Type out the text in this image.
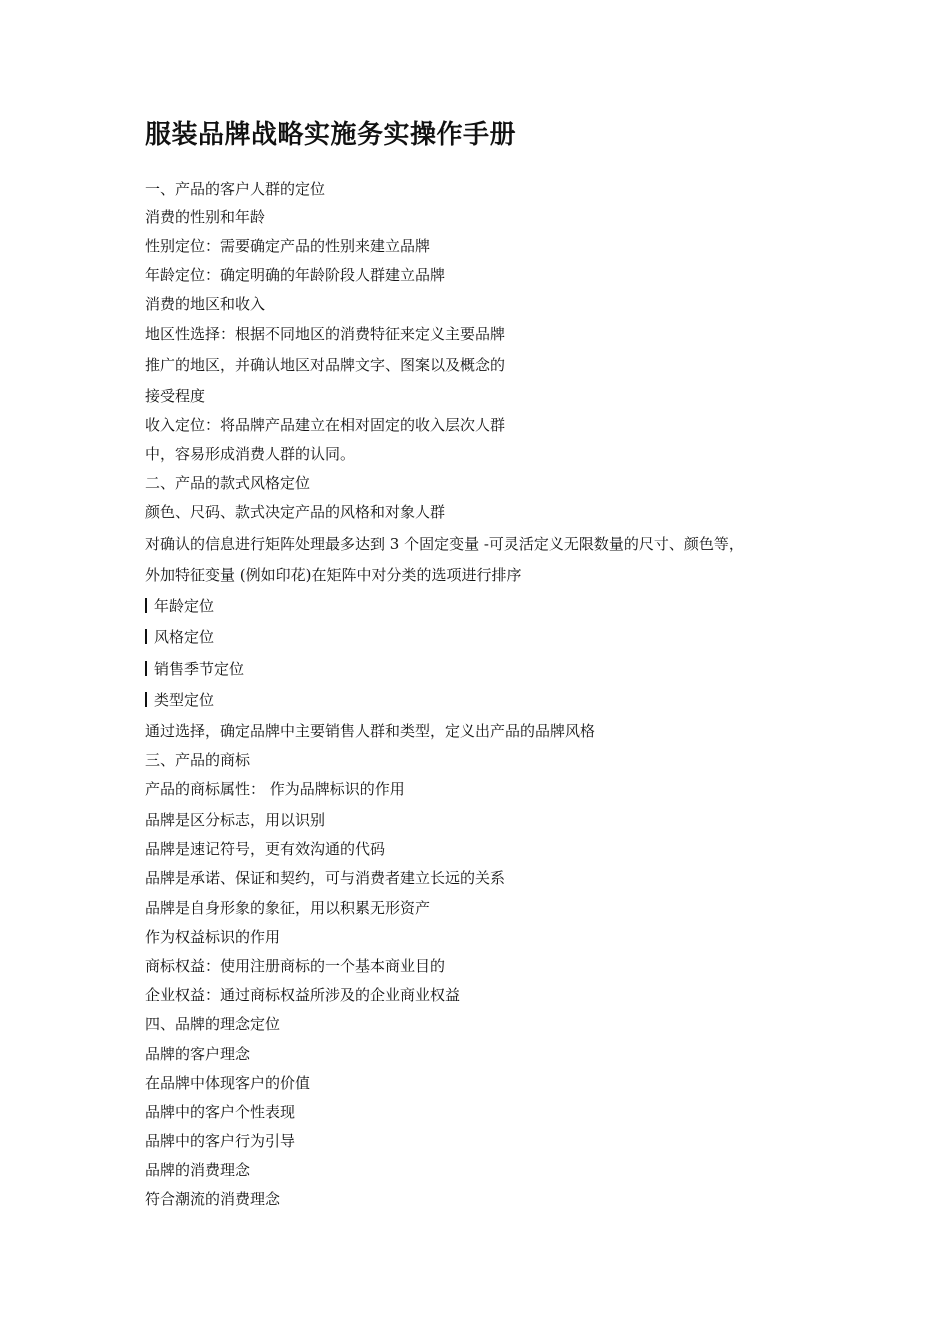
服装品牌战略实施务实操作手册
一、产品的客户人群的定位
消费的性别和年龄
性别定位：需要确定产品的性别来建立品牌
年龄定位：确定明确的年龄阶段人群建立品牌
消费的地区和收入
地区性选择：根据不同地区的消费特征来定义主要品牌
推广的地区，并确认地区对品牌文字、图案以及概念的
接受程度
收入定位：将品牌产品建立在相对固定的收入层次人群
中，容易形成消费人群的认同。
二、产品的款式风格定位
颜色、尺码、款式决定产品的风格和对象人群
对确认的信息进行矩阵处理最多达到 3 个固定变量 -可灵活定义无限数量的尺寸、颜色等，
外加特征变量 (例如印花)在矩阵中对分类的选项进行排序
年龄定位
风格定位
销售季节定位
类型定位
通过选择，确定品牌中主要销售人群和类型，定义出产品的品牌风格
三、产品的商标
产品的商标属性： 作为品牌标识的作用
品牌是区分标志，用以识别
品牌是速记符号，更有效沟通的代码
品牌是承诺、保证和契约，可与消费者建立长远的关系
品牌是自身形象的象征，用以积累无形资产
作为权益标识的作用
商标权益：使用注册商标的一个基本商业目的
企业权益：通过商标权益所涉及的企业商业权益
四、品牌的理念定位
品牌的客户理念
在品牌中体现客户的价值
品牌中的客户个性表现
品牌中的客户行为引导
品牌的消费理念
符合潮流的消费理念
